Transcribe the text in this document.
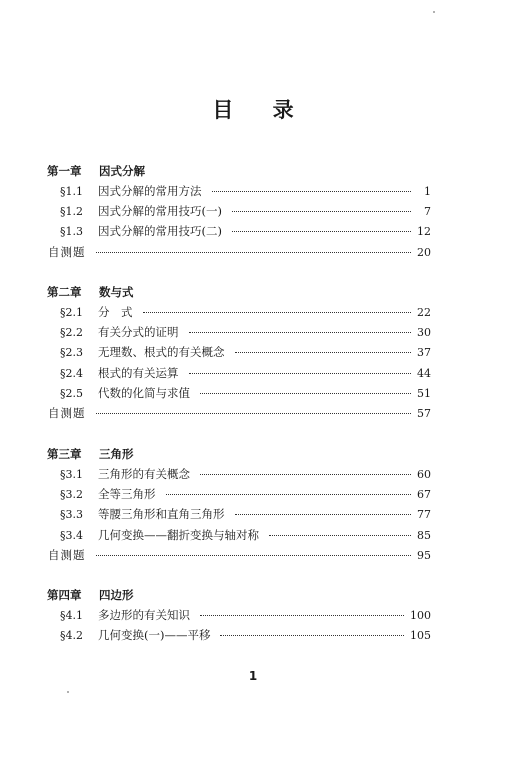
目 录
第一章 因式分解
§1.1	因式分解的常用方法	1
§1.2	因式分解的常用技巧(一)	7
§1.3	因式分解的常用技巧(二)	12
自测题	20
第二章 数与式
§2.1	分　式	22
§2.2	有关分式的证明	30
§2.3	无理数、根式的有关概念	37
§2.4	根式的有关运算	44
§2.5	代数的化简与求值	51
自测题	57
第三章 三角形
§3.1	三角形的有关概念	60
§3.2	全等三角形	67
§3.3	等腰三角形和直角三角形	77
§3.4	几何变换——翻折变换与轴对称	85
自测题	95
第四章 四边形
§4.1	多边形的有关知识	100
§4.2	几何变换(一)——平移	105
1
